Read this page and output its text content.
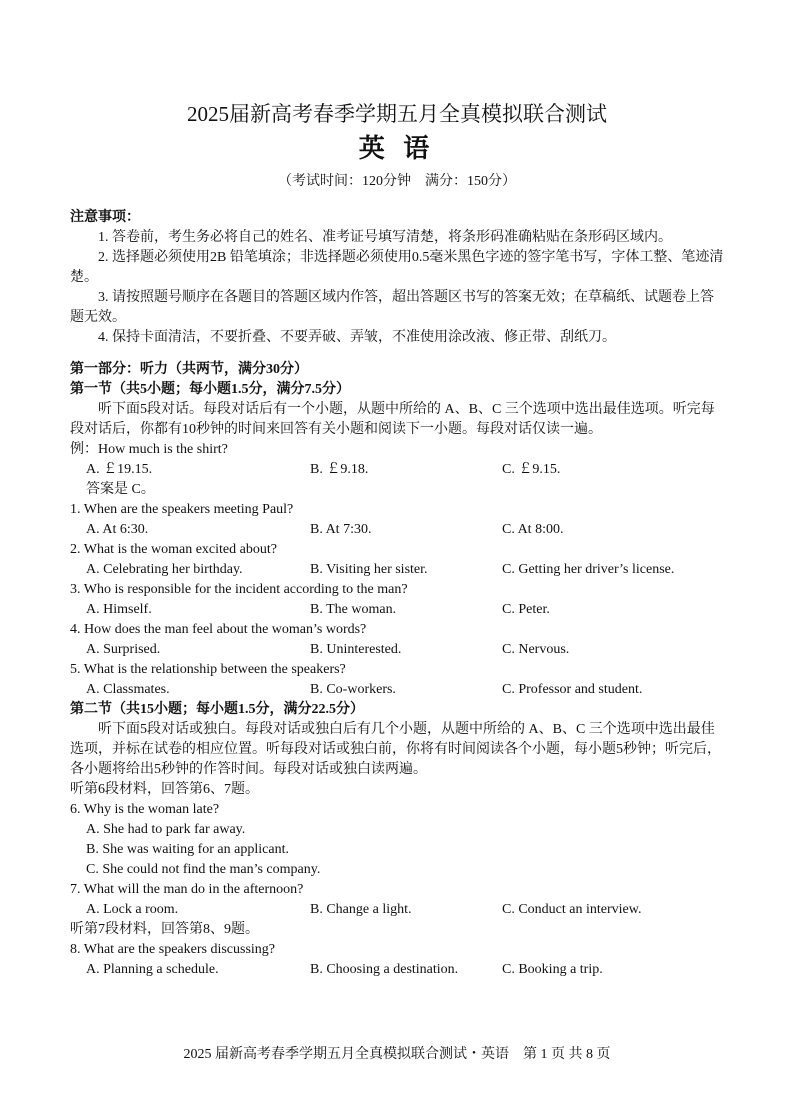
2025届新高考春季学期五月全真模拟联合测试
英 语
（考试时间：120分钟　满分：150分）
注意事项：
1. 答卷前，考生务必将自己的姓名、准考证号填写清楚，将条形码准确粘贴在条形码区域内。
2. 选择题必须使用2B 铅笔填涂；非选择题必须使用0.5毫米黑色字迹的签字笔书写，字体工整、笔迹清楚。
3. 请按照题号顺序在各题目的答题区域内作答，超出答题区书写的答案无效；在草稿纸、试题卷上答题无效。
4. 保持卡面清洁，不要折叠、不要弄破、弄皱，不准使用涂改液、修正带、刮纸刀。
第一部分：听力（共两节，满分30分）
第一节（共5小题；每小题1.5分，满分7.5分）
听下面5段对话。每段对话后有一个小题，从题中所给的 A、B、C 三个选项中选出最佳选项。听完每段对话后，你都有10秒钟的时间来回答有关小题和阅读下一小题。每段对话仅读一遍。
例：How much is the shirt?
A. ￡19.15.	B. ￡9.18.	C. ￡9.15.
答案是 C。
1. When are the speakers meeting Paul?
A. At 6:30.	B. At 7:30.	C. At 8:00.
2. What is the woman excited about?
A. Celebrating her birthday.	B. Visiting her sister.	C. Getting her driver’s license.
3. Who is responsible for the incident according to the man?
A. Himself.	B. The woman.	C. Peter.
4. How does the man feel about the woman’s words?
A. Surprised.	B. Uninterested.	C. Nervous.
5. What is the relationship between the speakers?
A. Classmates.	B. Co-workers.	C. Professor and student.
第二节（共15小题；每小题1.5分，满分22.5分）
听下面5段对话或独白。每段对话或独白后有几个小题，从题中所给的 A、B、C 三个选项中选出最佳选项，并标在试卷的相应位置。听每段对话或独白前，你将有时间阅读各个小题，每小题5秒钟；听完后，各小题将给出5秒钟的作答时间。每段对话或独白读两遍。
听第6段材料，回答第6、7题。
6. Why is the woman late?
A. She had to park far away.
B. She was waiting for an applicant.
C. She could not find the man’s company.
7. What will the man do in the afternoon?
A. Lock a room.	B. Change a light.	C. Conduct an interview.
听第7段材料，回答第8、9题。
8. What are the speakers discussing?
A. Planning a schedule.	B. Choosing a destination.	C. Booking a trip.
2025 届新高考春季学期五月全真模拟联合测试・英语　第 1 页 共 8 页
